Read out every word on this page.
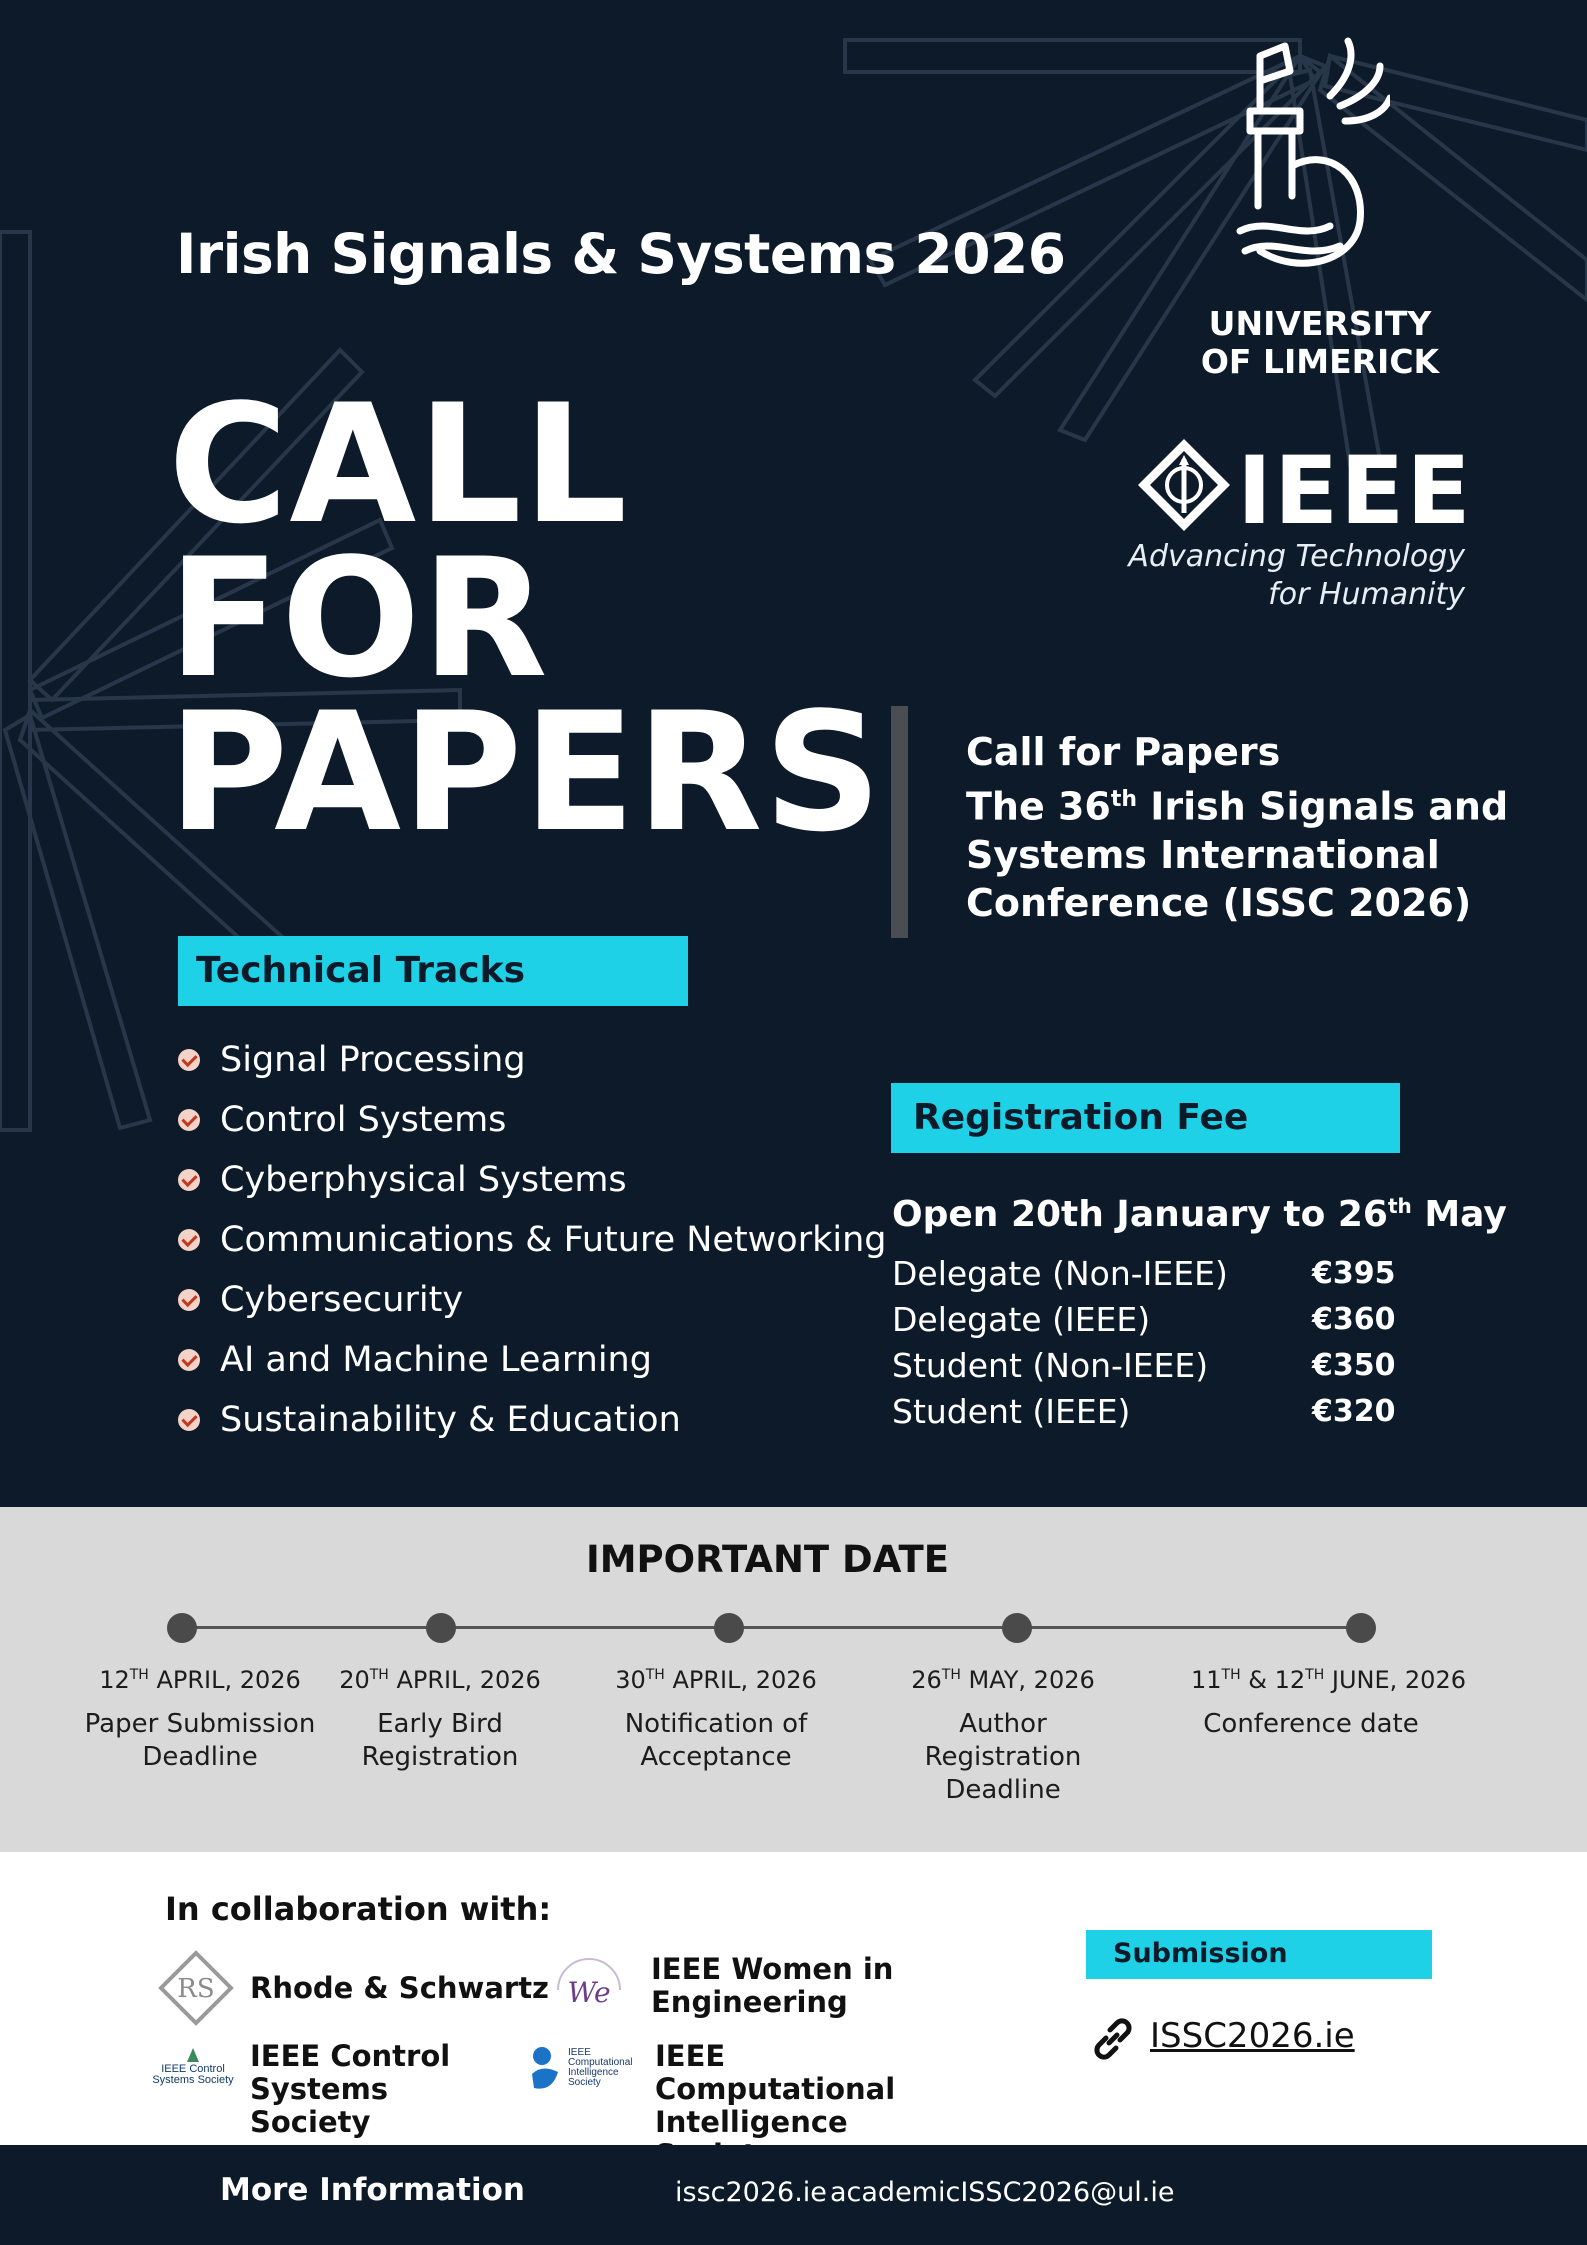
UNIVERSITY OF LIMERICK
IEEE
Advancing Technology
for Humanity
Irish Signals & Systems 2026
CALL
FOR
PAPERS Call for Papers
The 36th Irish Signals and
Systems International
Conference (ISSC 2026)
Technical Tracks
Signal Processing
Control Systems
Cyberphysical Systems
Communications & Future Networking
Cybersecurity
AI and Machine Learning
Sustainability & Education
Registration Fee
Open 20th January to 26th May
Delegate (Non-IEEE)	€395
Delegate (IEEE)	€360
Student (Non-IEEE)	€350
Student (IEEE)	€320
IMPORTANT DATE
12TH APRIL, 2026
Paper Submission Deadline
20TH APRIL, 2026
Early Bird Registration
30TH APRIL, 2026
Notification of Acceptance
26TH MAY, 2026
Author Registration Deadline
11TH & 12TH JUNE, 2026
Conference date
In collaboration with:
RS Rhode & Schwartz We
IEEE Women in Engineering
IEEE Control Systems Society
IEEE Control Systems Society
IEEE Computational Intelligence Society
IEEE Computational Intelligence
Submission
ISSC2026.ie
More Information	issc2026.ie academicISSC2026@ul.ie
